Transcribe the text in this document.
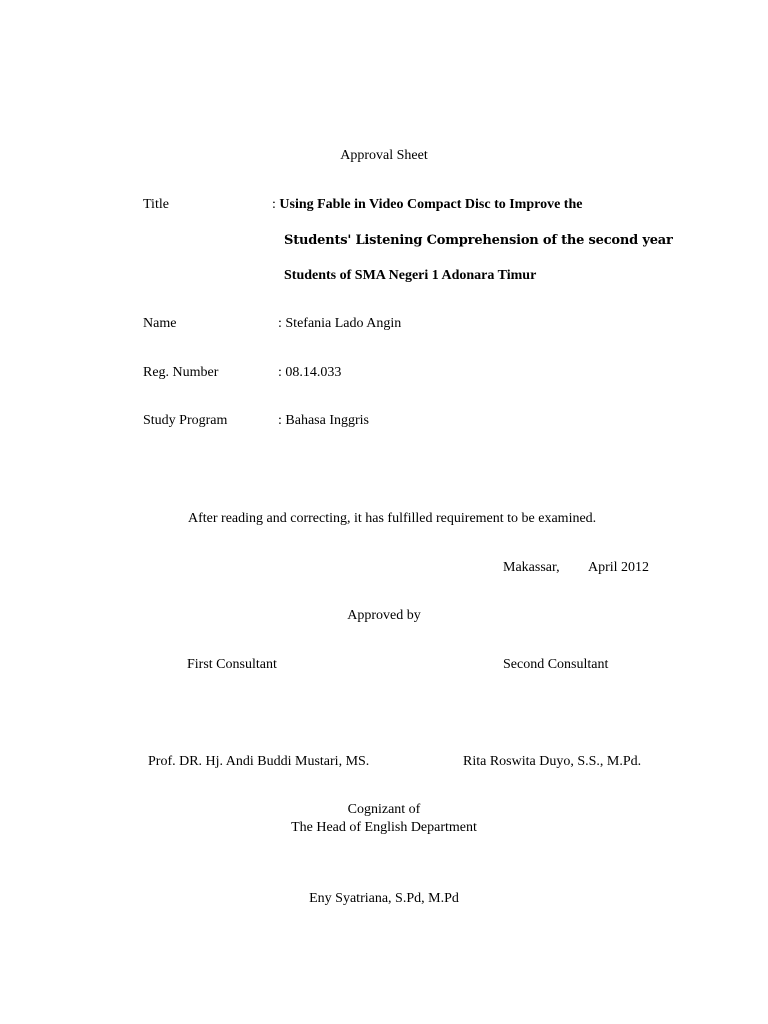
Approval Sheet
Title	: Using Fable in Video Compact Disc to Improve the
Students' Listening Comprehension of the second year
Students of SMA Negeri 1 Adonara Timur
Name	: Stefania Lado Angin
Reg. Number	: 08.14.033
Study Program	: Bahasa Inggris
After reading and correcting, it has fulfilled requirement to be examined.
Makassar, April 2012
Approved by
First Consultant	Second Consultant
Prof. DR. Hj. Andi Buddi Mustari, MS.	Rita Roswita Duyo, S.S., M.Pd.
Cognizant of
The Head of English Department
Eny Syatriana, S.Pd, M.Pd
